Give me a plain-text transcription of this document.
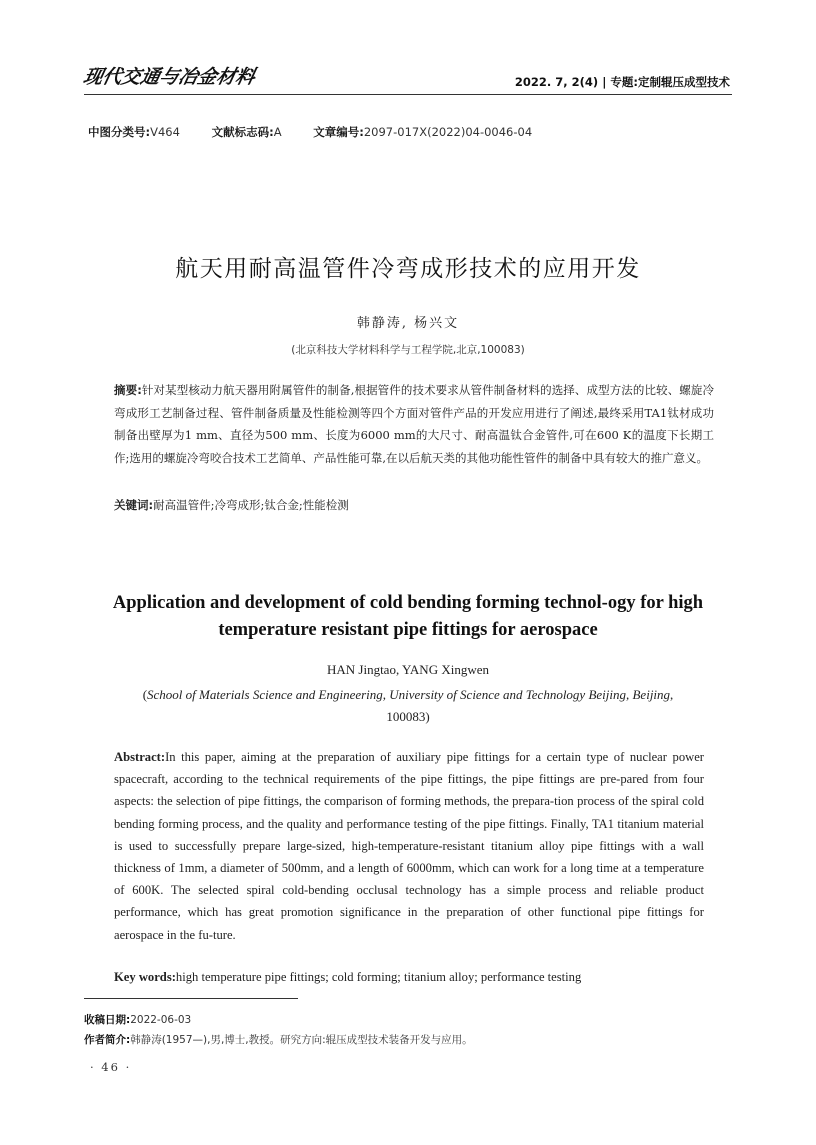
现代交通与冶金材料	2022. 7, 2(4) | 专题:定制辊压成型技术
中图分类号:V464	文献标志码:A	文章编号:2097-017X(2022)04-0046-04
航天用耐高温管件冷弯成形技术的应用开发
韩静涛, 杨兴文
(北京科技大学材料科学与工程学院,北京,100083)
摘要:针对某型核动力航天器用附属管件的制备,根据管件的技术要求从管件制备材料的选择、成型方法的比较、螺旋冷弯成形工艺制备过程、管件制备质量及性能检测等四个方面对管件产品的开发应用进行了阐述,最终采用TA1钛材成功制备出壁厚为1 mm、直径为500 mm、长度为6000 mm的大尺寸、耐高温钛合金管件,可在600 K的温度下长期工作;选用的螺旋冷弯咬合技术工艺简单、产品性能可靠,在以后航天类的其他功能性管件的制备中具有较大的推广意义。
关键词:耐高温管件;冷弯成形;钛合金;性能检测
Application and development of cold bending forming technol-ogy for high temperature resistant pipe fittings for aerospace
HAN Jingtao, YANG Xingwen
(School of Materials Science and Engineering, University of Science and Technology Beijing, Beijing, 100083)
Abstract:In this paper, aiming at the preparation of auxiliary pipe fittings for a certain type of nuclear power spacecraft, according to the technical requirements of the pipe fittings, the pipe fittings are pre-pared from four aspects: the selection of pipe fittings, the comparison of forming methods, the prepara-tion process of the spiral cold bending forming process, and the quality and performance testing of the pipe fittings. Finally, TA1 titanium material is used to successfully prepare large-sized, high-temperature-resistant titanium alloy pipe fittings with a wall thickness of 1mm, a diameter of 500mm, and a length of 6000mm, which can work for a long time at a temperature of 600K. The selected spiral cold-bending occlusal technology has a simple process and reliable product performance, which has great promotion significance in the preparation of other functional pipe fittings for aerospace in the fu-ture.
Key words:high temperature pipe fittings; cold forming; titanium alloy; performance testing
收稿日期:2022-06-03
作者简介:韩静涛(1957—),男,博士,教授。研究方向:辊压成型技术装备开发与应用。
· 46 ·
